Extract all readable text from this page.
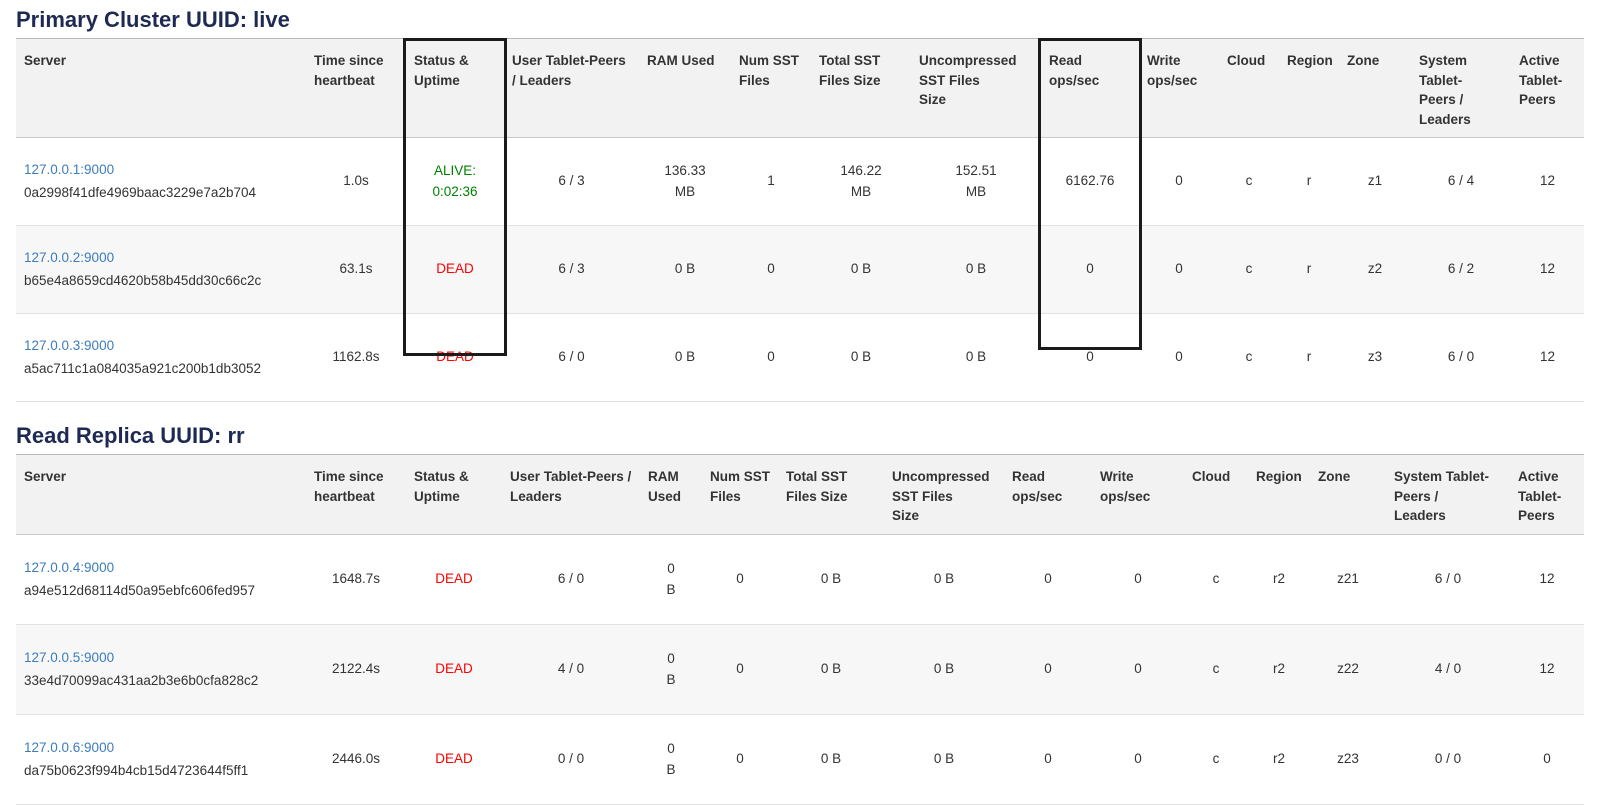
Primary Cluster UUID: live
Server	Time since heartbeat	Status & Uptime	User Tablet-Peers / Leaders	RAM Used	Num SST Files	Total SST Files Size	Uncompressed SST Files Size	Read ops/sec	Write ops/sec	Cloud	Region	Zone	System Tablet-Peers / Leaders	Active Tablet-Peers

127.0.0.1:9000
0a2998f41dfe4969baac3229e7a2b704	1.0s	ALIVE:
0:02:36	6 / 3	136.33 MB	1	146.22 MB	152.51 MB	6162.76	0	c	r	z1	6 / 4	12

127.0.0.2:9000
b65e4a8659cd4620b58b45dd30c66c2c	63.1s	DEAD	6 / 3	0 B	0	0 B	0 B	0	0	c	r	z2	6 / 2	12

127.0.0.3:9000
a5ac711c1a084035a921c200b1db3052	1162.8s	DEAD	6 / 0	0 B	0	0 B	0 B	0	0	c	r	z3	6 / 0	12
Read Replica UUID: rr
Server	Time since heartbeat	Status & Uptime	User Tablet-Peers / Leaders	RAM Used	Num SST Files	Total SST Files Size	Uncompressed SST Files Size	Read ops/sec	Write ops/sec	Cloud	Region	Zone	System Tablet-Peers / Leaders	Active Tablet-Peers

127.0.0.4:9000
a94e512d68114d50a95ebfc606fed957	1648.7s	DEAD	6 / 0	0 B	0	0 B	0 B	0	0	c	r2	z21	6 / 0	12

127.0.0.5:9000
33e4d70099ac431aa2b3e6b0cfa828c2	2122.4s	DEAD	4 / 0	0 B	0	0 B	0 B	0	0	c	r2	z22	4 / 0	12

127.0.0.6:9000
da75b0623f994b4cb15d4723644f5ff1	2446.0s	DEAD	0 / 0	0 B	0	0 B	0 B	0	0	c	r2	z23	0 / 0	0
